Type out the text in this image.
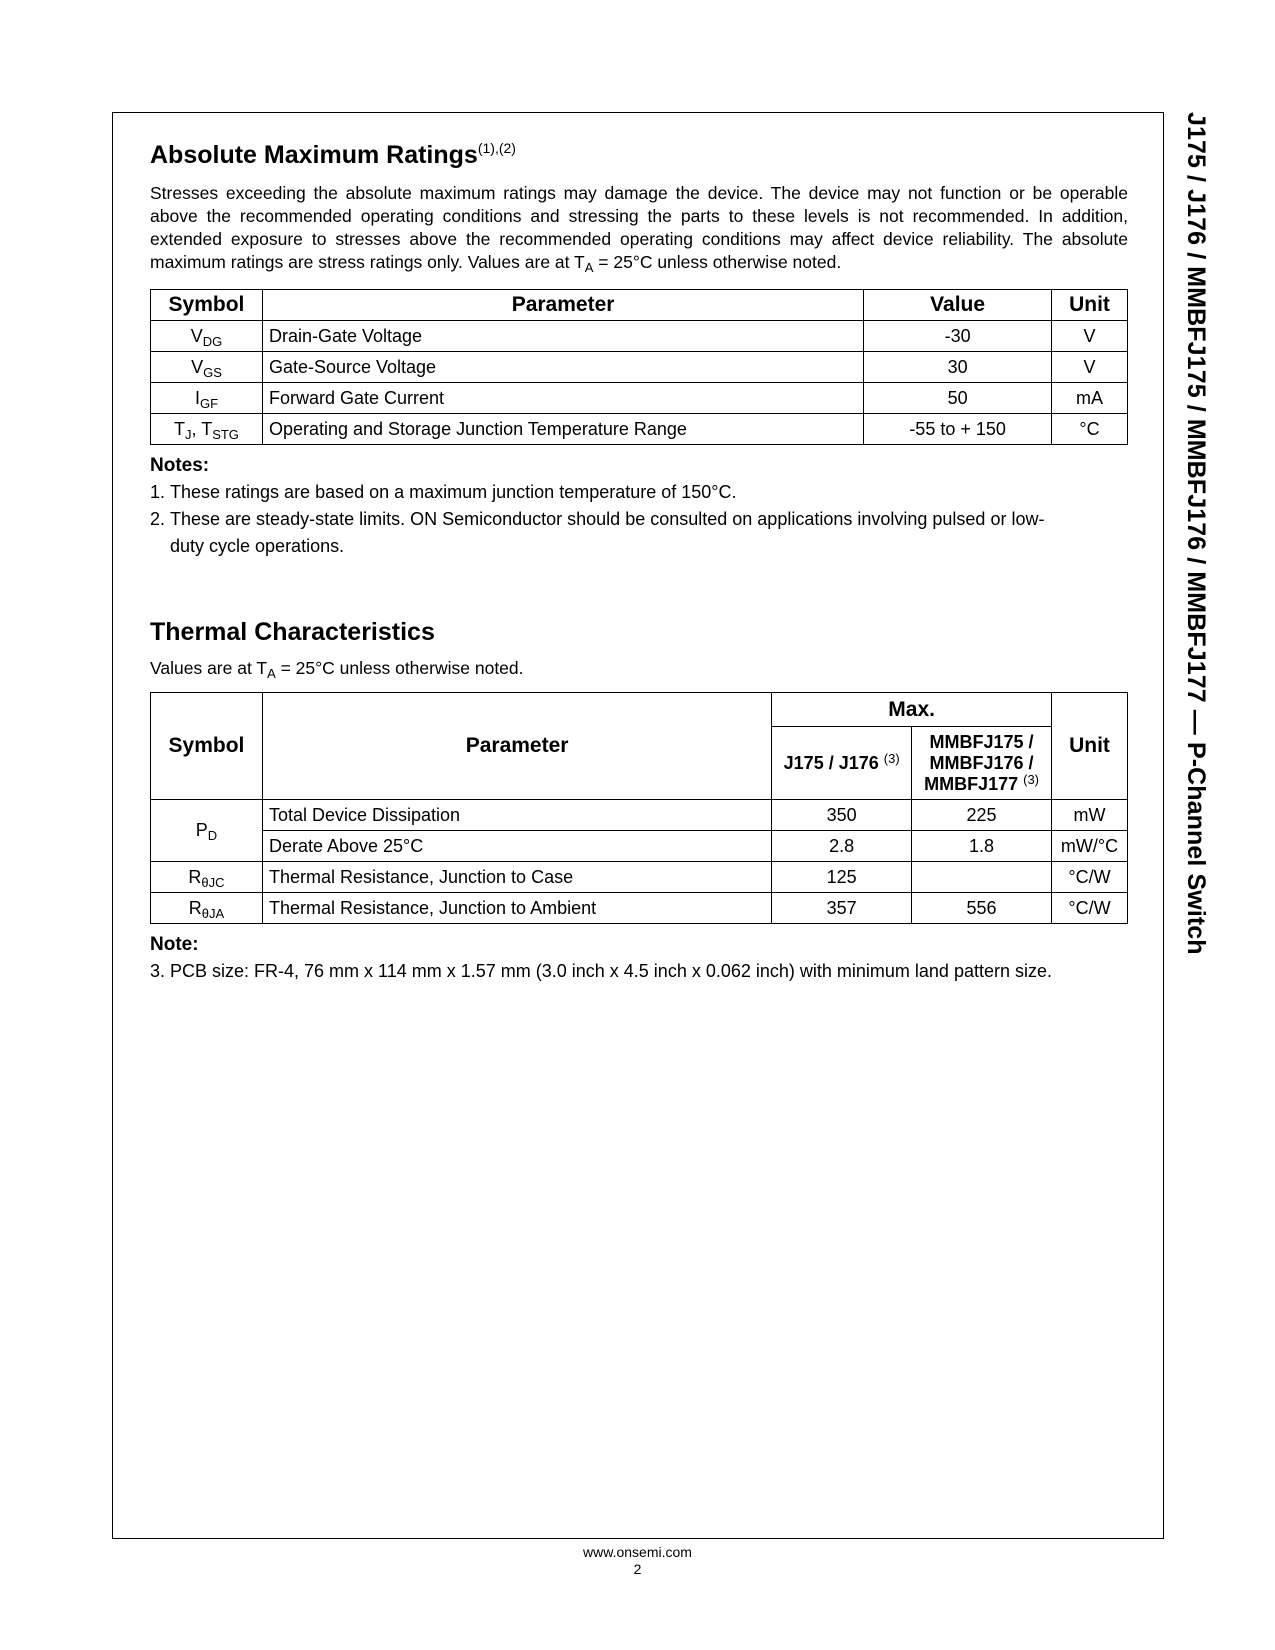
J175 / J176 / MMBFJ175 / MMBFJ176 / MMBFJ177 — P-Channel Switch
Absolute Maximum Ratings$^{(1),(2)}$

Stresses exceeding the absolute maximum ratings may damage the device. The device may not function or be operable above the recommended operating conditions and stressing the parts to these levels is not recommended. In addition, extended exposure to stresses above the recommended operating conditions may affect device reliability. The absolute maximum ratings are stress ratings only. Values are at $T_A = 25^\circ C$ unless otherwise noted.

Symbol	Parameter	Value	Unit
$V_{DG}$	Drain-Gate Voltage	-30	V
$V_{GS}$	Gate-Source Voltage	30	V
$I_{GF}$	Forward Gate Current	50	mA
$T_J$, $T_{STG}$	Operating and Storage Junction Temperature Range	-55 to + 150	°C

Notes:

1. These ratings are based on a maximum junction temperature of 150°C.

2. These are steady-state limits. ON Semiconductor should be consulted on applications involving pulsed or low-
duty cycle operations.

Thermal Characteristics

Values are at $T_A = 25^\circ C$ unless otherwise noted.

Symbol	Parameter	Max.		Unit
		J175 / J176 $^{(3)}$	MMBFJ175 /
MMBFJ176 /
MMBFJ177 $^{(3)}$
$P_D$	Total Device Dissipation	350	225	mW
	Derate Above 25°C	2.8	1.8	mW/°C
$R_{\theta JC}$	Thermal Resistance, Junction to Case	125		°C/W
$R_{\theta JA}$	Thermal Resistance, Junction to Ambient	357	556	°C/W

Note:

3. PCB size: FR-4, 76 mm x 114 mm x 1.57 mm (3.0 inch x 4.5 inch x 0.062 inch) with minimum land pattern size.

www.onsemi.com
2
